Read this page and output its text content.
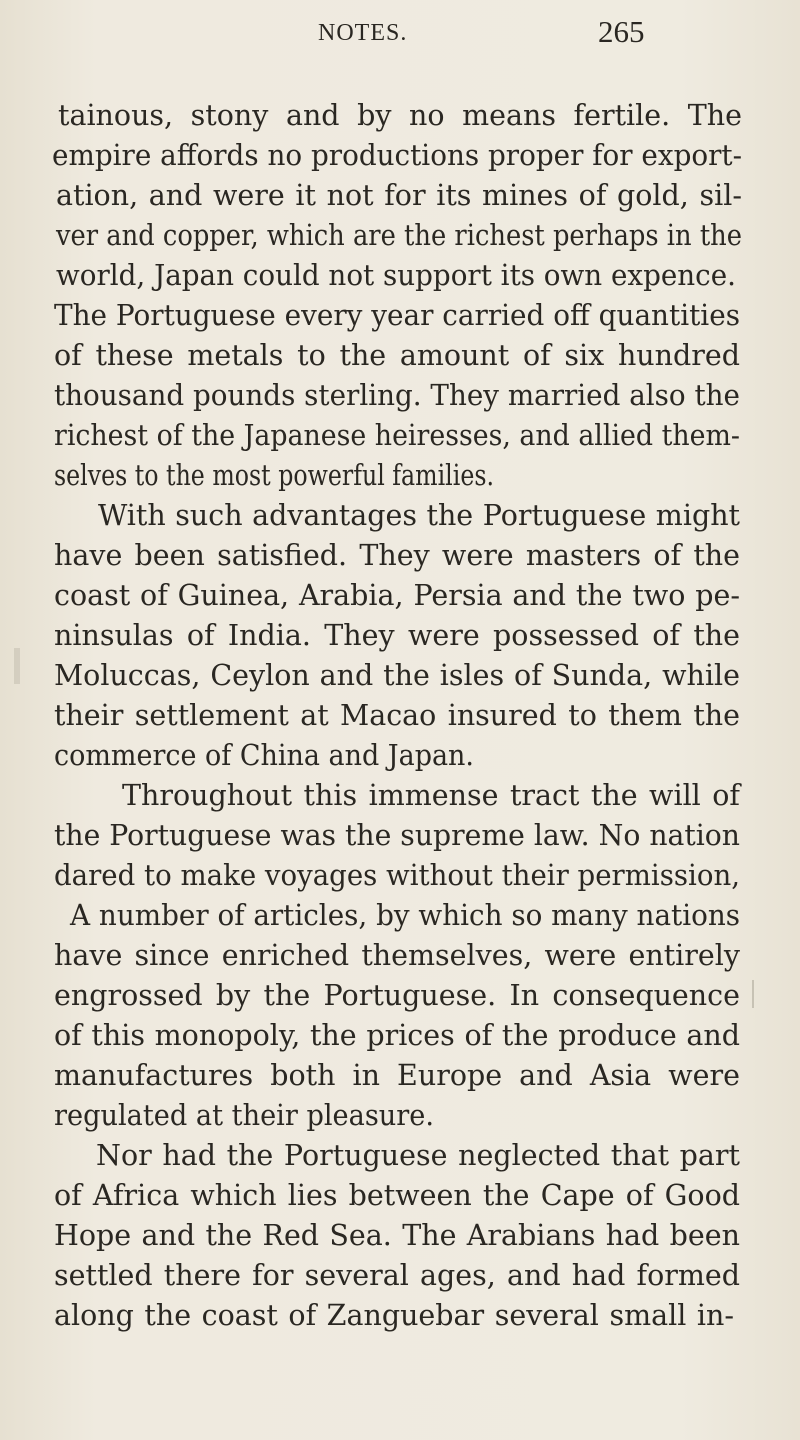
NOTES.	265
tainous, stony and by no means fertile. The
empire affords no productions proper for export-
ation, and were it not for its mines of gold, sil-
ver and copper, which are the richest perhaps in the
world, Japan could not support its own expence.
The Portuguese every year carried off quantities
of these metals to the amount of six hundred
thousand pounds sterling. They married also the
richest of the Japanese heiresses, and allied them-
selves to the most powerful families.
With such advantages the Portuguese might
have been satisfied. They were masters of the
coast of Guinea, Arabia, Persia and the two pe-
ninsulas of India. They were possessed of the
Moluccas, Ceylon and the isles of Sunda, while
their settlement at Macao insured to them the
commerce of China and Japan.
Throughout this immense tract the will of
the Portuguese was the supreme law. No nation
dared to make voyages without their permission,
A number of articles, by which so many nations
have since enriched themselves, were entirely
engrossed by the Portuguese. In consequence
of this monopoly, the prices of the produce and
manufactures both in Europe and Asia were
regulated at their pleasure.
Nor had the Portuguese neglected that part
of Africa which lies between the Cape of Good
Hope and the Red Sea. The Arabians had been
settled there for several ages, and had formed
along the coast of Zanguebar several small in-
